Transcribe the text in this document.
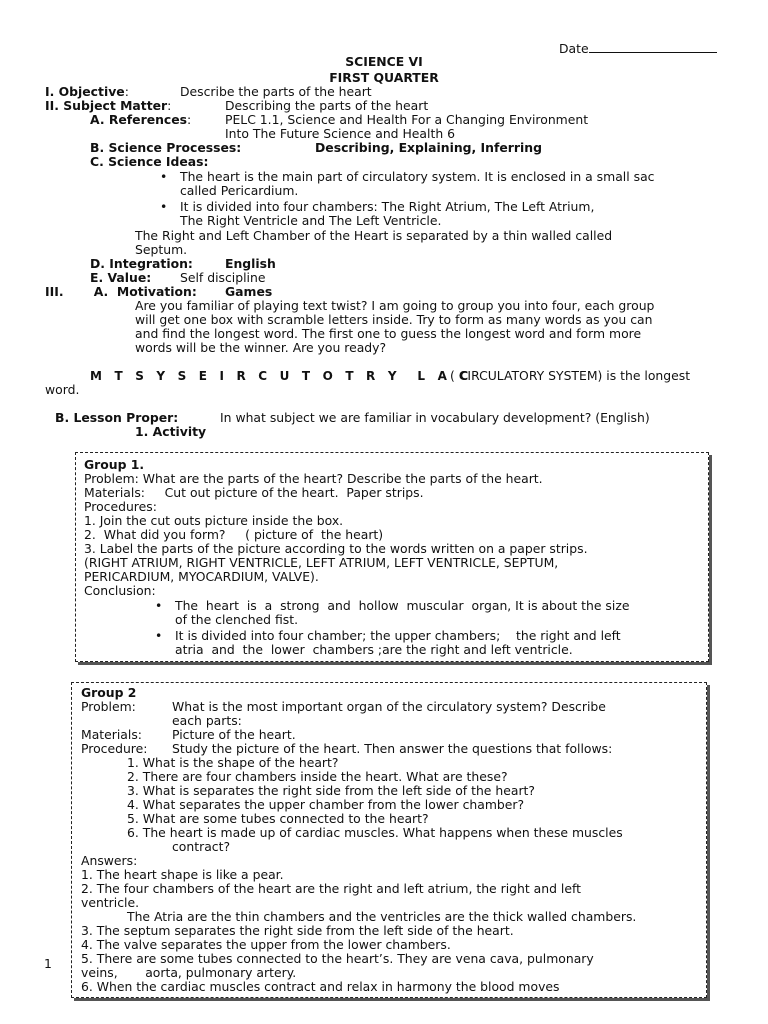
Date
SCIENCE VI
FIRST QUARTER
I. Objective:	Describe the parts of the heart
II. Subject Matter:	Describing the parts of the heart
A. References:	PELC 1.1, Science and Health For a Changing Environment
Into The Future Science and Health 6
B. Science Processes:	Describing, Explaining, Inferring
C. Science Ideas:
• The heart is the main part of circulatory system. It is enclosed in a small sac
called Pericardium.
• It is divided into four chambers: The Right Atrium, The Left Atrium,
The Right Ventricle and The Left Ventricle.
The Right and Left Chamber of the Heart is separated by a thin walled called
Septum.
D. Integration:	English
E. Value: Self discipline
III.       A.  Motivation: Games
Are you familiar of playing text twist? I am going to group you into four, each group
will get one box with scramble letters inside. Try to form as many words as you can
and find the longest word. The first one to guess the longest word and form more
words will be the winner. Are you ready?
M   T   S   Y   S   E   I   R   C   U   T   O   T   R   Y     L   A   C
( CIRCULATORY SYSTEM) is the longest
word.
B. Lesson Proper:	In what subject we are familiar in vocabulary development? (English)
1. Activity
Group 1.
Problem: What are the parts of the heart? Describe the parts of the heart.
Materials:     Cut out picture of the heart.  Paper strips.
Procedures:
1. Join the cut outs picture inside the box.
2.  What did you form?     ( picture of  the heart)
3. Label the parts of the picture according to the words written on a paper strips.
(RIGHT ATRIUM, RIGHT VENTRICLE, LEFT ATRIUM, LEFT VENTRICLE, SEPTUM,
PERICARDIUM, MYOCARDIUM, VALVE).
Conclusion:
• The  heart  is  a  strong  and  hollow  muscular  organ, It is about the size
of the clenched fist.
• It is divided into four chamber; the upper chambers;    the right and left
atria  and  the  lower  chambers ;are the right and left ventricle.
Group 2
Problem:	What is the most important organ of the circulatory system? Describe
each parts:
Materials: Picture of the heart.
Procedure: Study the picture of the heart. Then answer the questions that follows:
1. What is the shape of the heart?
2. There are four chambers inside the heart. What are these?
3. What is separates the right side from the left side of the heart?
4. What separates the upper chamber from the lower chamber?
5. What are some tubes connected to the heart?
6. The heart is made up of cardiac muscles. What happens when these muscles
contract?
Answers:
1. The heart shape is like a pear.
2. The four chambers of the heart are the right and left atrium, the right and left
ventricle.
The Atria are the thin chambers and the ventricles are the thick walled chambers.
3. The septum separates the right side from the left side of the heart.
4. The valve separates the upper from the lower chambers.
5. There are some tubes connected to the heart’s. They are vena cava, pulmonary
veins,       aorta, pulmonary artery.
6. When the cardiac muscles contract and relax in harmony the blood moves
1
